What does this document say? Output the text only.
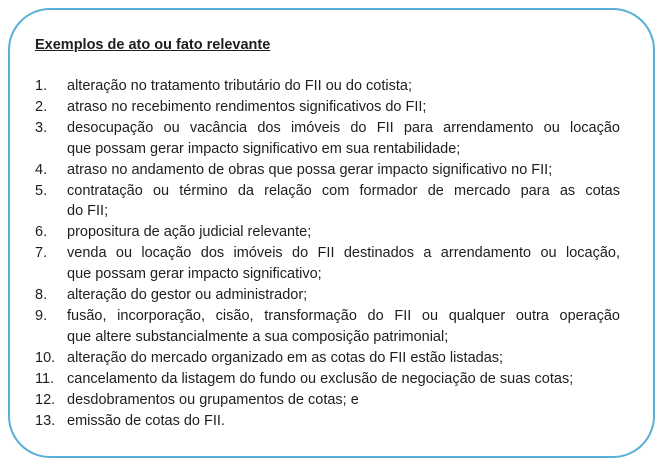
Exemplos de ato ou fato relevante
1. alteração no tratamento tributário do FII ou do cotista;
2. atraso no recebimento rendimentos significativos do FII;
3. desocupação ou vacância dos imóveis do FII para arrendamento ou locação
que possam gerar impacto significativo em sua rentabilidade;
4. atraso no andamento de obras que possa gerar impacto significativo no FII;
5. contratação ou término da relação com formador de mercado para as cotas
do FII;
6. propositura de ação judicial relevante;
7. venda ou locação dos imóveis do FII destinados a arrendamento ou locação,
que possam gerar impacto significativo;
8. alteração do gestor ou administrador;
9. fusão, incorporação, cisão, transformação do FII ou qualquer outra operação
que altere substancialmente a sua composição patrimonial;
10. alteração do mercado organizado em as cotas do FII estão listadas;
11. cancelamento da listagem do fundo ou exclusão de negociação de suas cotas;
12. desdobramentos ou grupamentos de cotas; e
13. emissão de cotas do FII.
